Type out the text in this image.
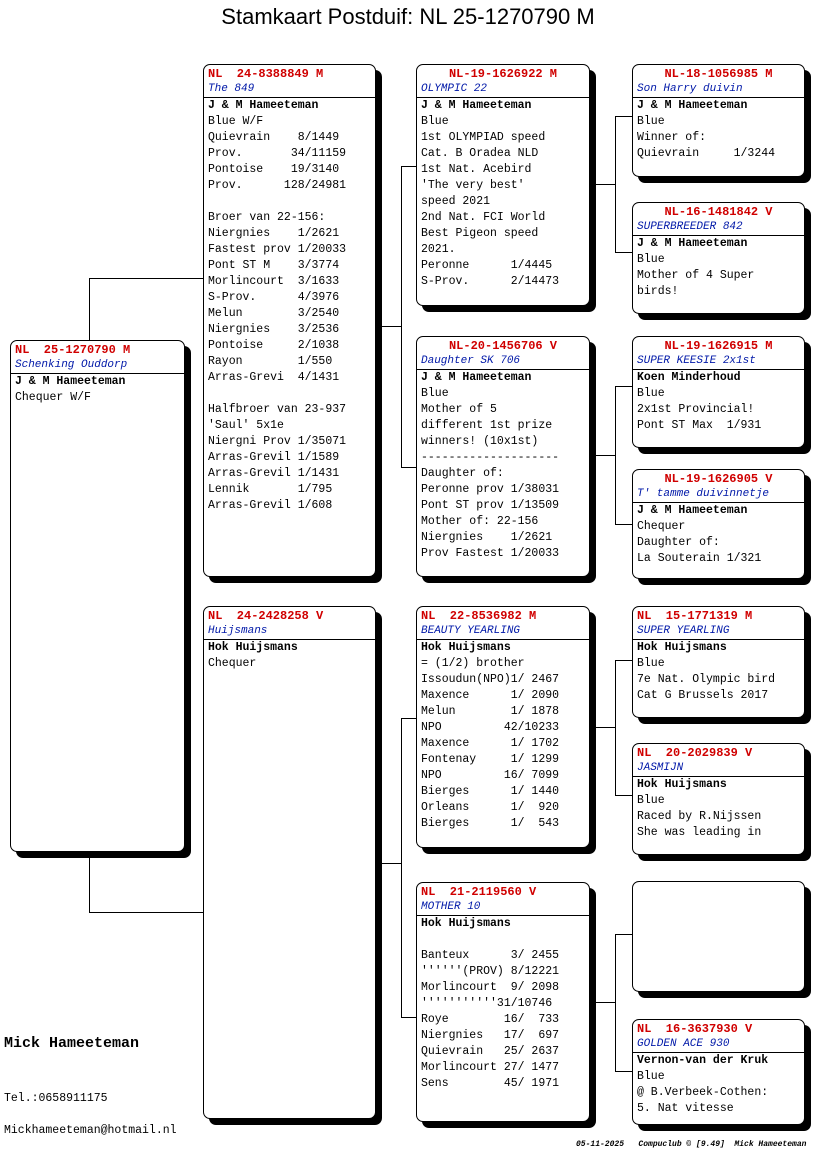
Stamkaart Postduif: NL 25-1270790 M
NL  25-1270790 M
Schenking Ouddorp
J & M Hameeteman
Chequer W/F
NL  24-8388849 M
The 849
J & M Hameeteman
Blue W/F
Quievrain    8/1449
Prov.       34/11159
Pontoise    19/3140
Prov.      128/24981
Broer van 22-156:
Niergnies    1/2621
Fastest prov 1/20033
Pont ST M    3/3774
Morlincourt  3/1633
S-Prov.      4/3976
Melun        3/2540
Niergnies    3/2536
Pontoise     2/1038
Rayon        1/550
Arras-Grevi  4/1431
Halfbroer van 23-937
'Saul' 5x1e
Niergni Prov 1/35071
Arras-Grevil 1/1589
Arras-Grevil 1/1431
Lennik       1/795
Arras-Grevil 1/608
NL  24-2428258 V
Huijsmans
Hok Huijsmans
Chequer
NL-19-1626922 M
OLYMPIC 22
J & M Hameeteman
Blue
1st OLYMPIAD speed
Cat. B Oradea NLD
1st Nat. Acebird
'The very best'
speed 2021
2nd Nat. FCI World
Best Pigeon speed
2021.
Peronne      1/4445
S-Prov.      2/14473
NL-20-1456706 V
Daughter SK 706
J & M Hameeteman
Blue
Mother of 5
different 1st prize
winners! (10x1st)
--------------------
Daughter of:
Peronne prov 1/38031
Pont ST prov 1/13509
Mother of: 22-156
Niergnies    1/2621
Prov Fastest 1/20033
NL  22-8536982 M
BEAUTY YEARLING
Hok Huijsmans
= (1/2) brother
Issoudun(NPO)1/ 2467
Maxence      1/ 2090
Melun        1/ 1878
NPO         42/10233
Maxence      1/ 1702
Fontenay     1/ 1299
NPO         16/ 7099
Bierges      1/ 1440
Orleans      1/  920
Bierges      1/  543
NL  21-2119560 V
MOTHER 10
Hok Huijsmans
Banteux      3/ 2455
''''''(PROV) 8/12221
Morlincourt  9/ 2098
'''''''''''31/10746
Roye        16/  733
Niergnies   17/  697
Quievrain   25/ 2637
Morlincourt 27/ 1477
Sens        45/ 1971
NL-18-1056985 M
Son Harry duivin
J & M Hameeteman
Blue
Winner of:
Quievrain     1/3244
NL-16-1481842 V
SUPERBREEDER 842
J & M Hameeteman
Blue
Mother of 4 Super
birds!
NL-19-1626915 M
SUPER KEESIE 2x1st
Koen Minderhoud
Blue
2x1st Provincial!
Pont ST Max  1/931
NL-19-1626905 V
T' tamme duivinnetje
J & M Hameeteman
Chequer
Daughter of:
La Souterain 1/321
NL  15-1771319 M
SUPER YEARLING
Hok Huijsmans
Blue
7e Nat. Olympic bird
Cat G Brussels 2017
NL  20-2029839 V
JASMIJN
Hok Huijsmans
Blue
Raced by R.Nijssen
She was leading in
NL  16-3637930 V
GOLDEN ACE 930
Vernon-van der Kruk
Blue
@ B.Verbeek-Cothen:
5. Nat vitesse
Mick Hameeteman
Tel.:0658911175
Mickhameeteman@hotmail.nl
05-11-2025   Compuclub © [9.49]  Mick Hameeteman
